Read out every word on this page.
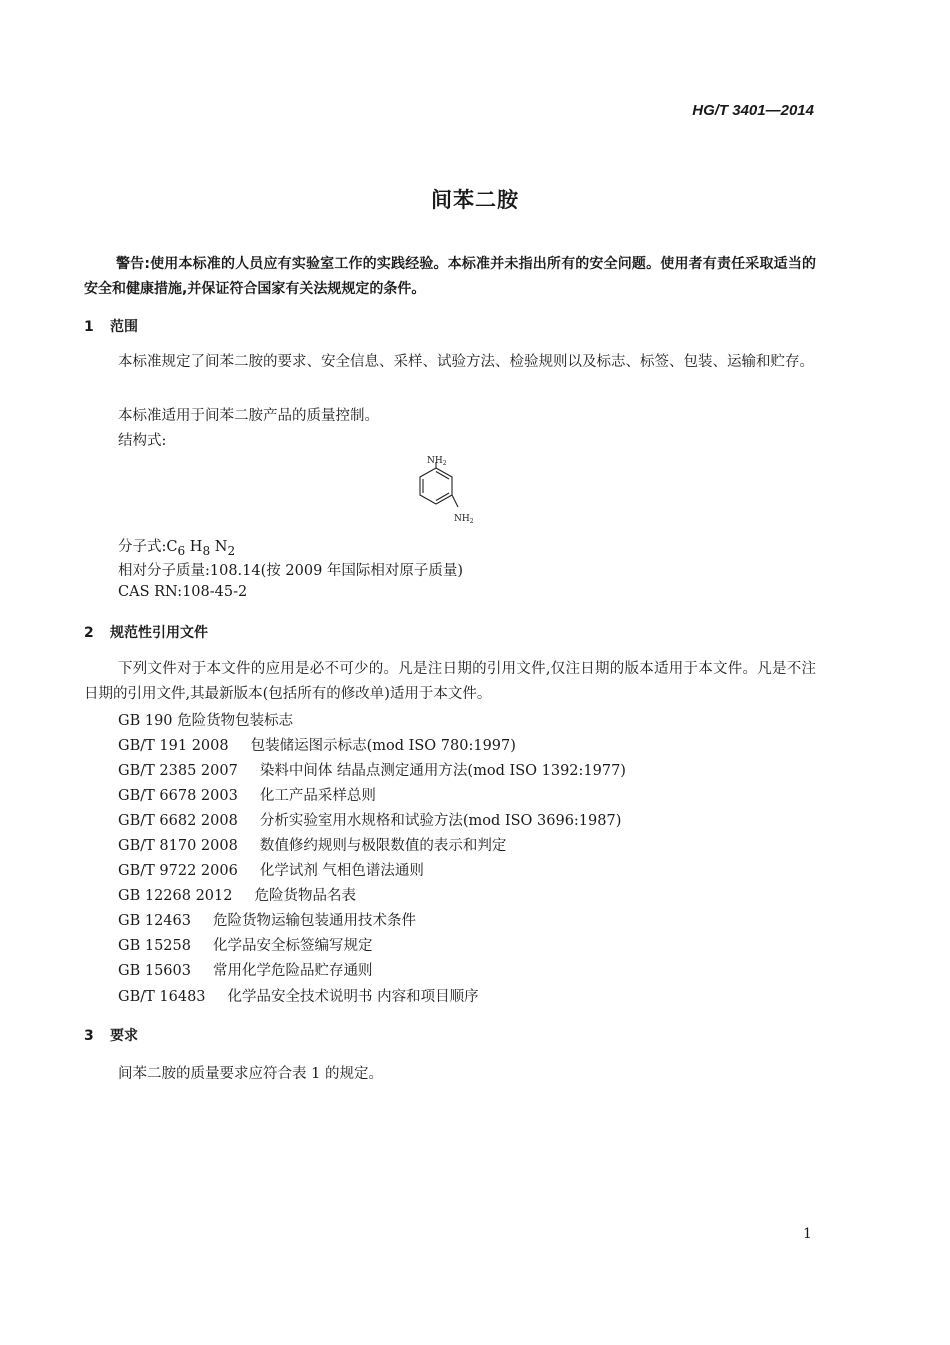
HG/T 3401—2014
间苯二胺
警告:使用本标准的人员应有实验室工作的实践经验。本标准并未指出所有的安全问题。使用者有责任采取适当的安全和健康措施,并保证符合国家有关法规规定的条件。
1 范围
本标准规定了间苯二胺的要求、安全信息、采样、试验方法、检验规则以及标志、标签、包装、运输和贮存。
本标准适用于间苯二胺产品的质量控制。
结构式:
$NH_2$
$NH_2$
分子式$:C_6$ $H_8$ $N_2$
相对分子质量:108.14(按 2009 年国际相对原子质量)
CAS RN:108-45-2
2 规范性引用文件
下列文件对于本文件的应用是必不可少的。凡是注日期的引用文件,仅注日期的版本适用于本文件。凡是不注日期的引用文件,其最新版本(包括所有的修改单)适用于本文件。
GB 190 危险货物包装标志
GB/T 191 2008 包装储运图示标志(mod ISO 780:1997)
GB/T 2385 2007 染料中间体 结晶点测定通用方法(mod ISO 1392:1977)
GB/T 6678 2003 化工产品采样总则
GB/T 6682 2008 分析实验室用水规格和试验方法(mod ISO 3696:1987)
GB/T 8170 2008 数值修约规则与极限数值的表示和判定
GB/T 9722 2006 化学试剂 气相色谱法通则
GB 12268 2012 危险货物品名表
GB 12463 危险货物运输包装通用技术条件
GB 15258 化学品安全标签编写规定
GB 15603 常用化学危险品贮存通则
GB/T 16483 化学品安全技术说明书 内容和项目顺序
3 要求
间苯二胺的质量要求应符合表 1 的规定。
1
